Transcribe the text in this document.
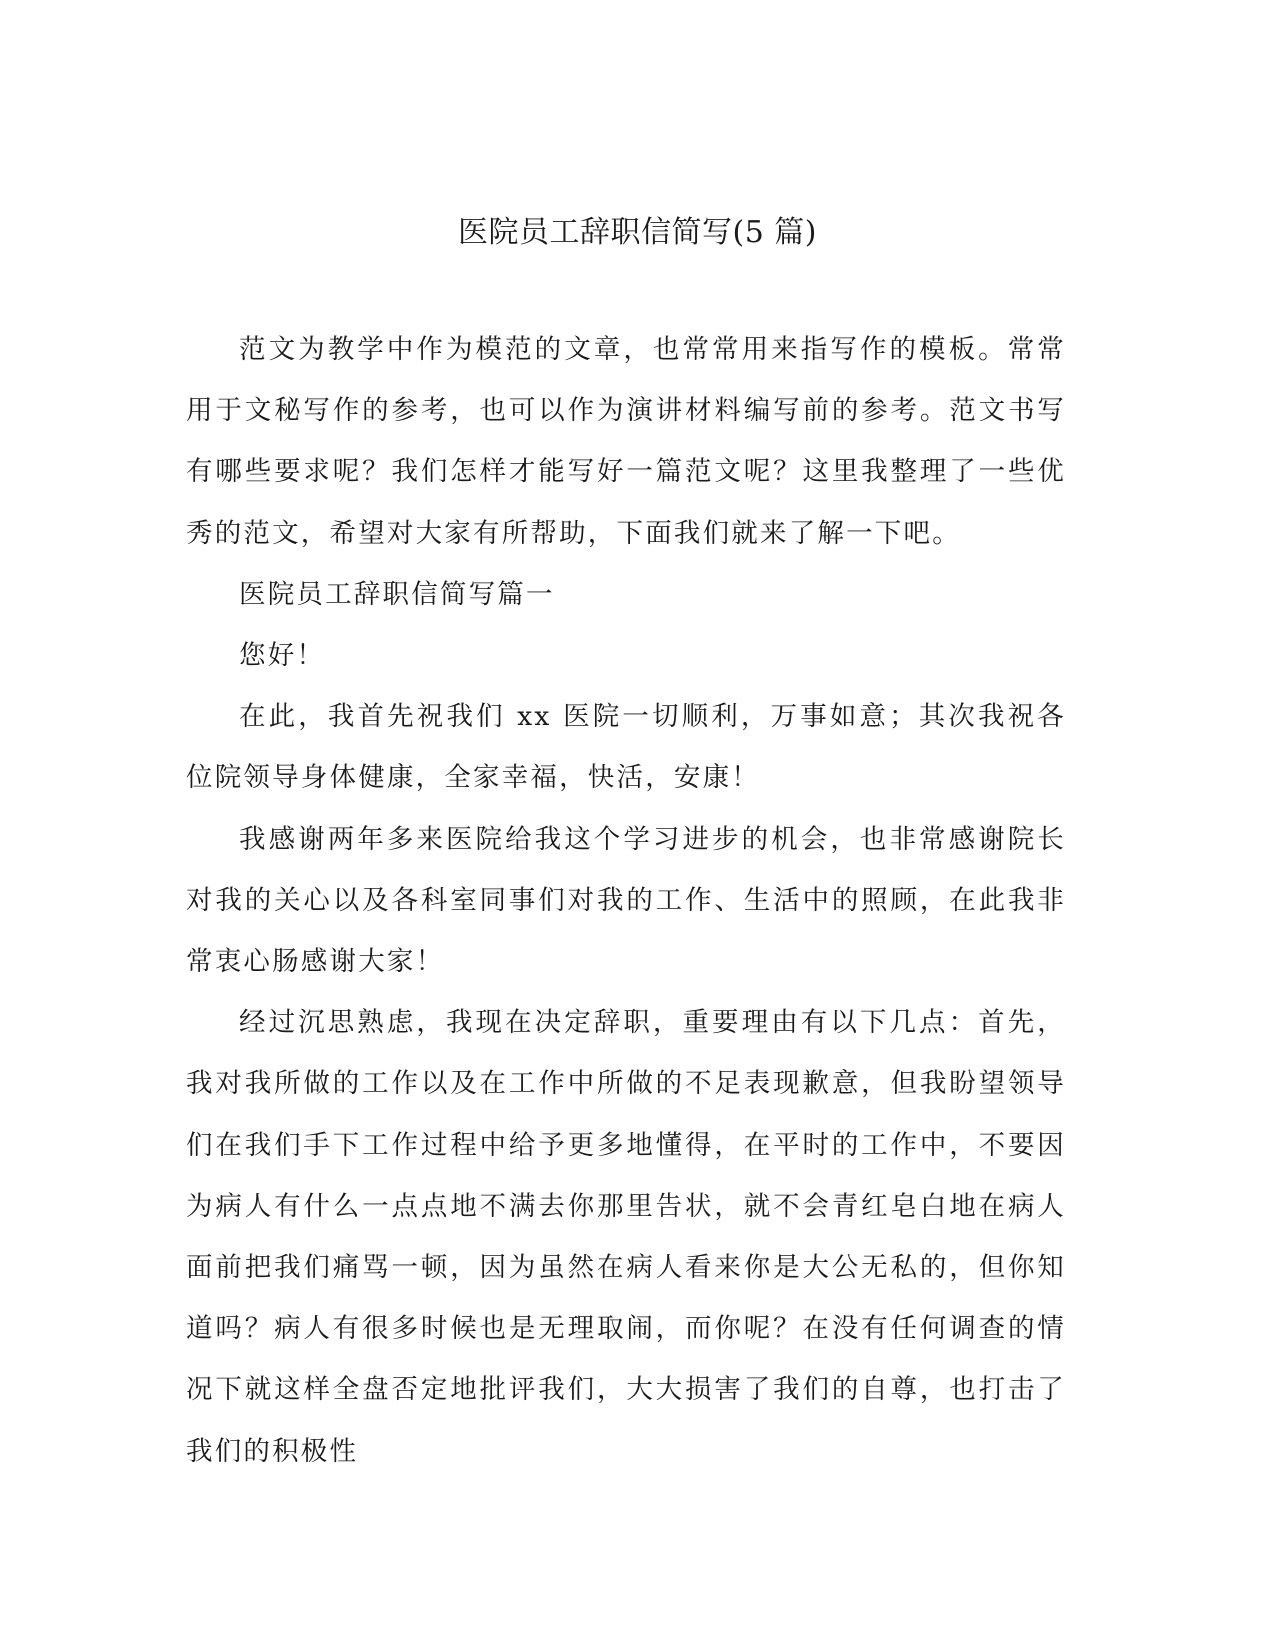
医院员工辞职信简写(5 篇)

范文为教学中作为模范的文章，也常常用来指写作的模板。常常用于文秘写作的参考，也可以作为演讲材料编写前的参考。范文书写有哪些要求呢？我们怎样才能写好一篇范文呢？这里我整理了一些优秀的范文，希望对大家有所帮助，下面我们就来了解一下吧。

医院员工辞职信简写篇一

您好！

在此，我首先祝我们 xx 医院一切顺利，万事如意；其次我祝各位院领导身体健康，全家幸福，快活，安康！

我感谢两年多来医院给我这个学习进步的机会，也非常感谢院长对我的关心以及各科室同事们对我的工作、生活中的照顾，在此我非常衷心肠感谢大家！

经过沉思熟虑，我现在决定辞职，重要理由有以下几点：首先，我对我所做的工作以及在工作中所做的不足表现歉意，但我盼望领导们在我们手下工作过程中给予更多地懂得，在平时的工作中，不要因为病人有什么一点点地不满去你那里告状，就不会青红皂白地在病人面前把我们痛骂一顿，因为虽然在病人看来你是大公无私的，但你知道吗？病人有很多时候也是无理取闹，而你呢？在没有任何调查的情况下就这样全盘否定地批评我们，大大损害了我们的自尊，也打击了我们的积极性
